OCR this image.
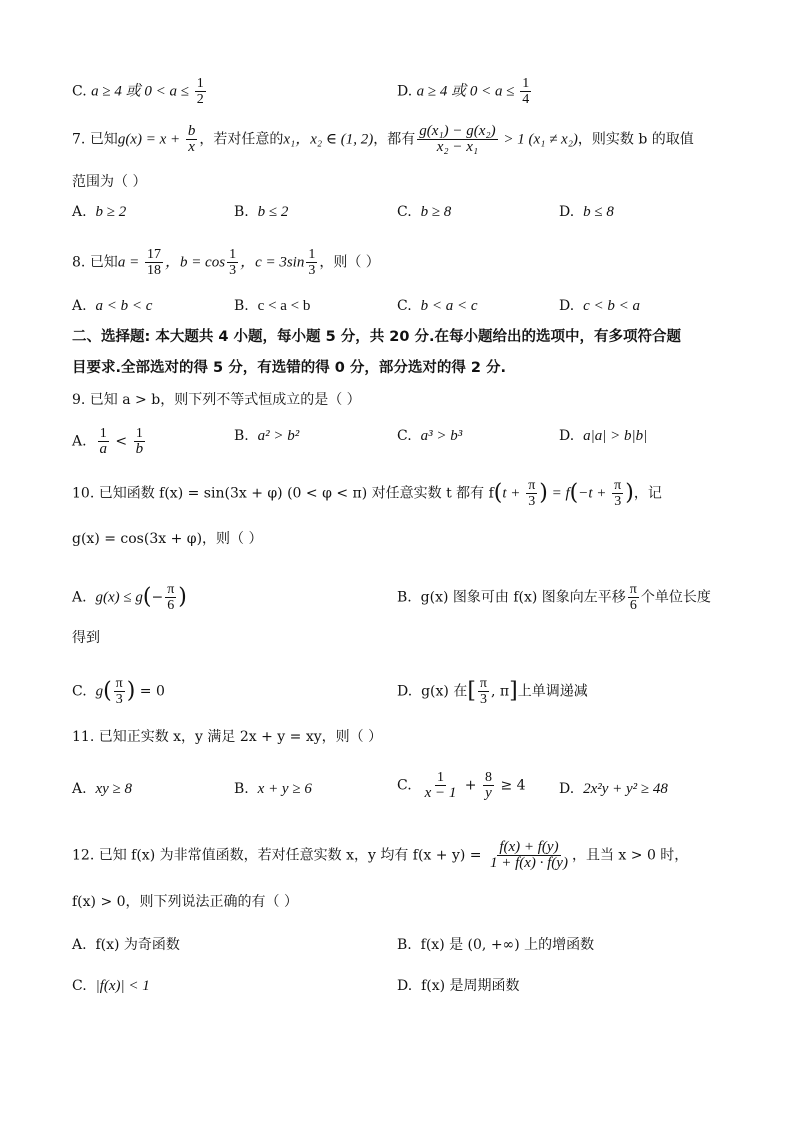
C. a ≥ 4 或 $0 < a \le \frac{1}{2}$	D. a ≥ 4 或 $0 < a \le \frac{1}{4}$
7. 已知$g(x) = x + \frac{b}{x}$ ，若对任意的x₁，x₂ ∈ (1, 2)，都有 $\frac{\text{g(x₁) − g(x₂)}}{\text{x₂ − x₁}} > 1$ (x₁ ≠ x₂)，则实数 b 的取值
范围为（ ）
A. b ≥ 2	B. b ≤ 2	C. b ≥ 8	D. b ≤ 8
8. 已知$a = \frac{17}{18}$ ，$b = \cos \frac{1}{3}$ ，$c = 3\sin \frac{1}{3}$ ，则（ ）
A. a < b < c	B. c < a < b	C. b < a < c	D. c < b < a
二、选择题: 本大题共 4 小题，每小题 5 分，共 20 分.在每小题给出的选项中，有多项符合题
目要求.全部选对的得 5 分，有选错的得 0 分，部分选对的得 2 分.
9. 已知 a > b，则下列不等式恒成立的是（ ）
A. $\frac{1}{a} < \frac{1}{b}$	B. a² > b²	C. a³ > b³	D. a|a| > b|b|
10. 已知函数 f(x) = sin(3x + φ) (0 < φ < π) 对任意实数 t 都有 $f(t + \frac{\pi}{3}$ ) = $f(-t + \frac{\pi}{3}$ )，记
g(x) = cos(3x + φ)，则（ ）
A. $g(x) \le g(- \frac{\pi}{6}$ )	B. g(x) 图象可由 f(x) 图象向左平移 $\frac{\pi}{6}$ 个单位长度
得到
C. $g( \frac{\pi}{3}$ ) = 0	D. g(x) 在[ $\frac{\pi}{3}$ , π]上单调递减
11. 已知正实数 x，y 满足 2x + y = xy，则（ ）
A. xy ≥ 8	B. x + y ≥ 6	C. $\frac{1}{x - 1} + \frac{8}{y} \ge 4$ D. 2x²y + y² ≥ 48
12. 已知 f(x) 为非常值函数，若对任意实数 x，y 均有 $f(x + y) = \frac{f(x) + f(y)}{1 + f(x) \cdot f(y)}$ ，且当 x > 0 时，
f(x) > 0，则下列说法正确的有（ ）
A. f(x) 为奇函数	B. f(x) 是 (0, +∞) 上的增函数
C. |f(x)| < 1	D. f(x) 是周期函数
